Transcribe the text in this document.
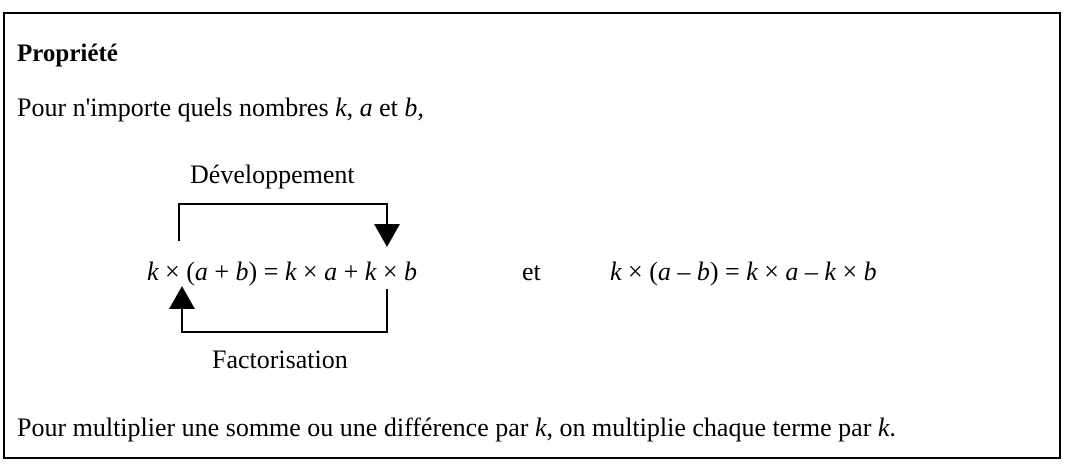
Propriété
Pour n'importe quels nombres k, a et b,
Développement
k × (a + b) = k × a + k × b	et	k × (a – b) = k × a – k × b
Factorisation
Pour multiplier une somme ou une différence par k, on multiplie chaque terme par k.
